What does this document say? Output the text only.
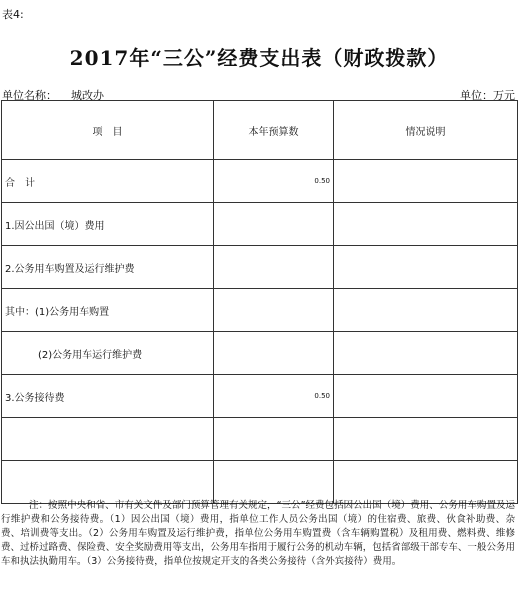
表4:
2017年“三公”经费支出表（财政拨款）
单位名称： 城改办	单位：万元
项　目	本年预算数	情况说明
合　计	0.50	
1.因公出国（境）费用		
2.公务用车购置及运行维护费		
其中：(1)公务用车购置		
(2)公务用车运行维护费		
3.公务接待费	0.50	

注：按照中央和省、市有关文件及部门预算管理有关规定，“三公”经费包括因公出国（境）费用、公务用车购置及运行维护费和公务接待费。（1）因公出国（境）费用，指单位工作人员公务出国（境）的住宿费、旅费、伙食补助费、杂费、培训费等支出。（2）公务用车购置及运行维护费，指单位公务用车购置费（含车辆购置税）及租用费、燃料费、维修费、过桥过路费、保险费、安全奖励费用等支出，公务用车指用于履行公务的机动车辆，包括省部级干部专车、一般公务用车和执法执勤用车。（3）公务接待费，指单位按规定开支的各类公务接待（含外宾接待）费用。
